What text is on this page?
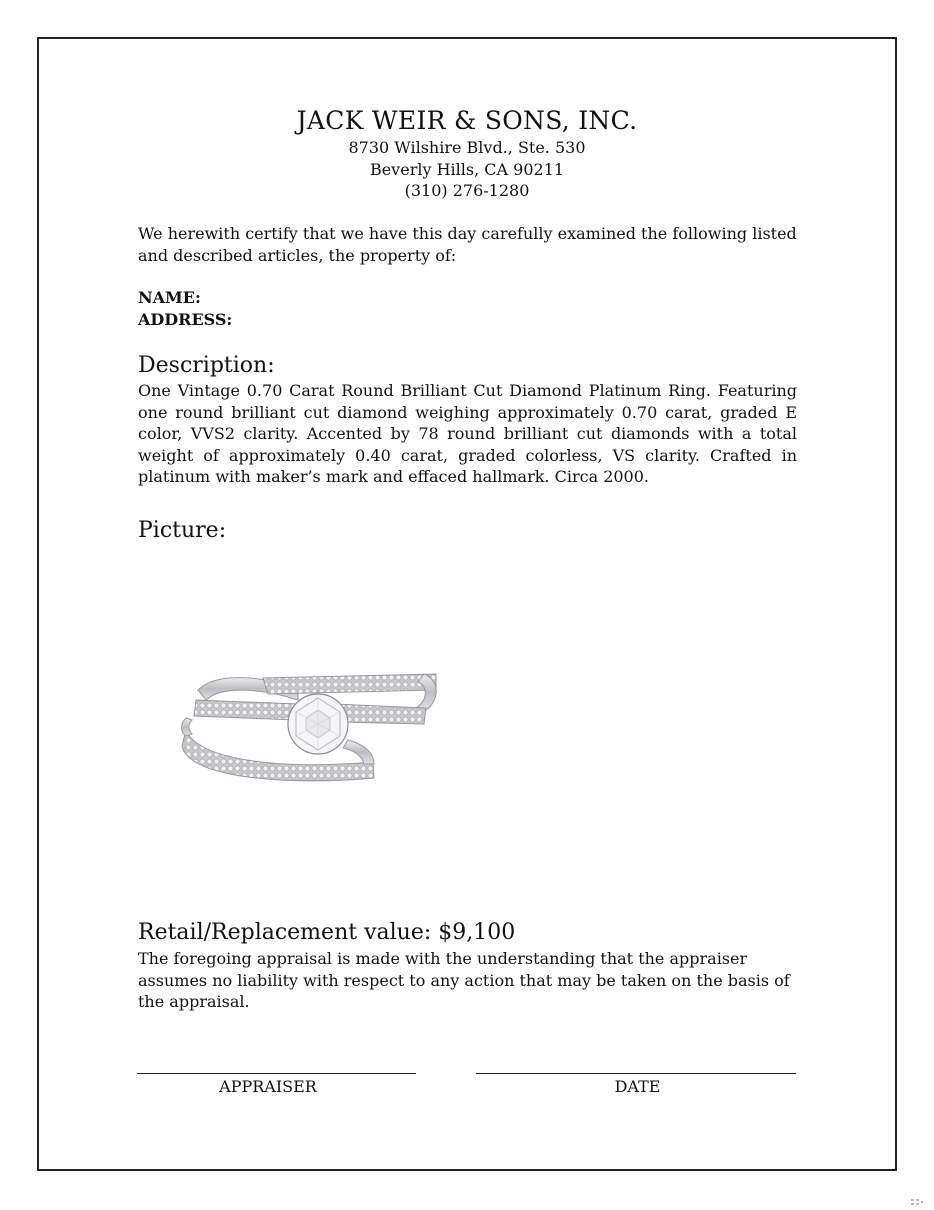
JACK WEIR & SONS, INC.
8730 Wilshire Blvd., Ste. 530
Beverly Hills, CA 90211
(310) 276-1280
We herewith certify that we have this day carefully examined the following listed and described articles, the property of:
NAME:
ADDRESS:
Description:
One Vintage 0.70 Carat Round Brilliant Cut Diamond Platinum Ring. Featuring one round brilliant cut diamond weighing approximately 0.70 carat, graded E color, VVS2 clarity. Accented by 78 round brilliant cut diamonds with a total weight of approximately 0.40 carat, graded colorless, VS clarity. Crafted in platinum with maker’s mark and effaced hallmark. Circa 2000.
Picture:
Retail/Replacement value: $9,100
The foregoing appraisal is made with the understanding that the appraiser assumes no liability with respect to any action that may be taken on the basis of the appraisal.
APPRAISER	DATE
